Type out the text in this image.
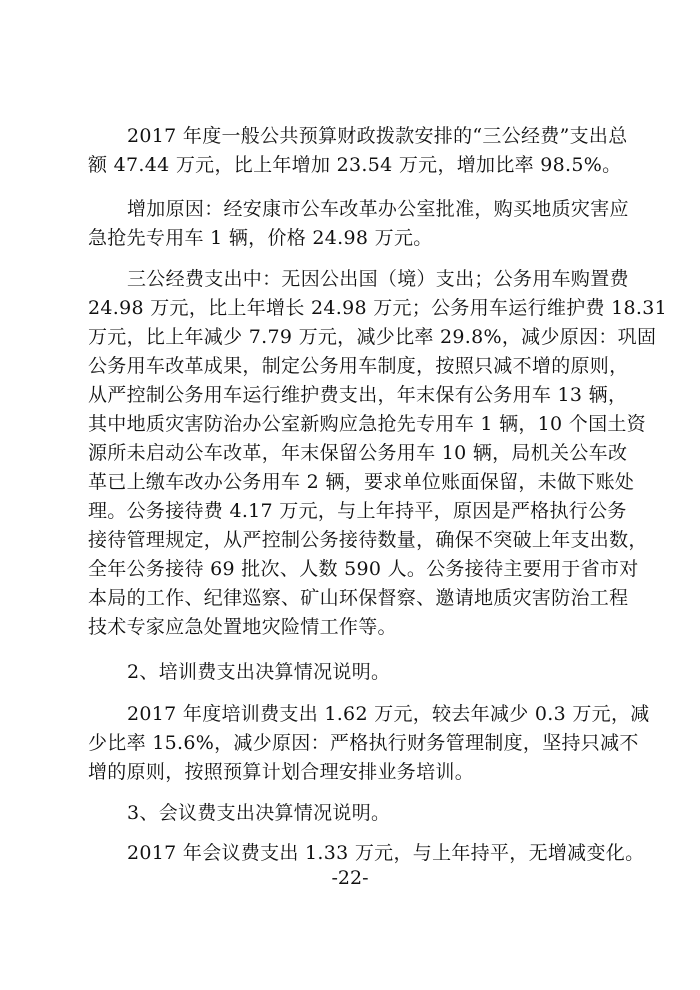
2017 年度一般公共预算财政拨款安排的“三公经费”支出总
额 47.44 万元，比上年增加 23.54 万元，增加比率 98.5%。
增加原因：经安康市公车改革办公室批准，购买地质灾害应
急抢先专用车 1 辆，价格 24.98 万元。
三公经费支出中：无因公出国（境）支出；公务用车购置费
24.98 万元，比上年增长 24.98 万元；公务用车运行维护费 18.31
万元，比上年减少 7.79 万元，减少比率 29.8%，减少原因：巩固
公务用车改革成果，制定公务用车制度，按照只减不增的原则，
从严控制公务用车运行维护费支出，年末保有公务用车 13 辆，
其中地质灾害防治办公室新购应急抢先专用车 1 辆，10 个国土资
源所未启动公车改革，年末保留公务用车 10 辆，局机关公车改
革已上缴车改办公务用车 2 辆，要求单位账面保留，未做下账处
理。公务接待费 4.17 万元，与上年持平，原因是严格执行公务
接待管理规定，从严控制公务接待数量，确保不突破上年支出数，
全年公务接待 69 批次、人数 590 人。公务接待主要用于省市对
本局的工作、纪律巡察、矿山环保督察、邀请地质灾害防治工程
技术专家应急处置地灾险情工作等。
2、培训费支出决算情况说明。
2017 年度培训费支出 1.62 万元，较去年减少 0.3 万元，减
少比率 15.6%，减少原因：严格执行财务管理制度，坚持只减不
增的原则，按照预算计划合理安排业务培训。
3、会议费支出决算情况说明。
2017 年会议费支出 1.33 万元，与上年持平，无增减变化。
-22-
